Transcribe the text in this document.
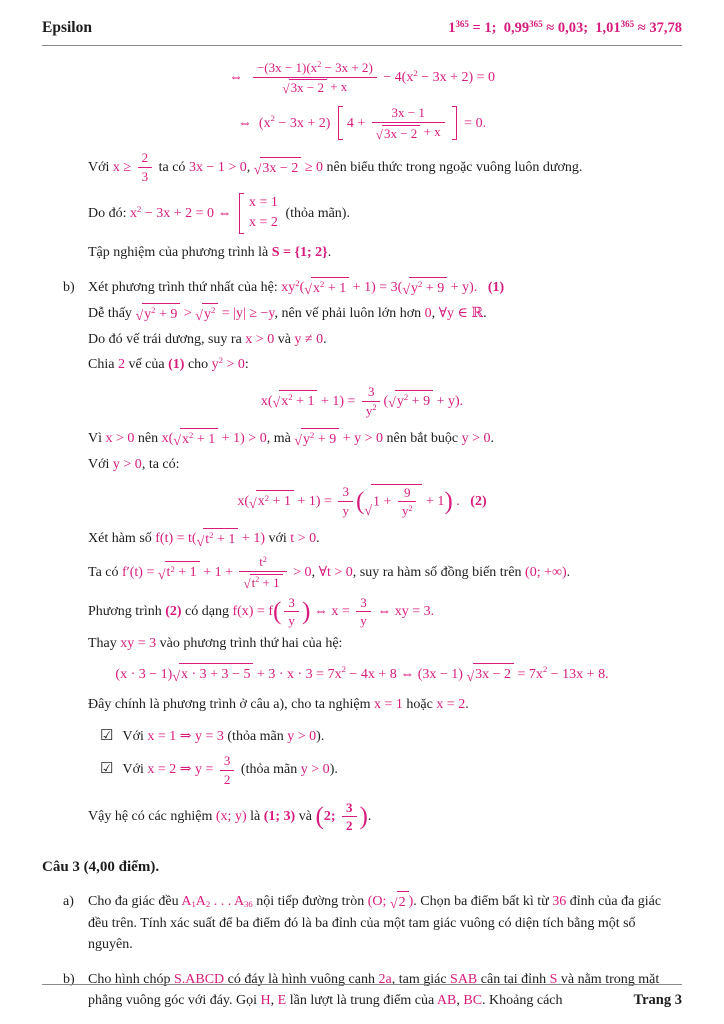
Epsilon	$1^{365} = 1$;  $0,99^{365} \approx 0,03$;  $1,01^{365} \approx 37,78$
⇔
$\frac{-(3x - 1)(x^2 - 3x + 2)}{√ 3x - 2 + x} - 4(x$ 2 − 3x + 2) = 0
⇔
(x 2 − 3x + 2) $4 + \frac{3x - 1}{√ 3x - 2 + x} = 0$.
Với $x \ge \frac{2}{3}$ ta có 3x − 1 > 0, √ 3x − 2 ≥ 0 nên biểu thức trong ngoặc vuông luôn dương.
Do đó: $x^2 - 3x + 2 = 0$ ⇔
x = 1
x = 2
(thỏa mãn).
Tập nghiệm của phương trình là S = {1; 2}.
b) Xét phương trình thứ nhất của hệ: $xy^2$( √ $x^2 + 1 + 1) = 3$( √ $y^2 + 9 + y$). (1)
Dễ thấy √ $y^2 + 9$ > √ $y^2 = |y| \ge -y$, nên vế phải luôn lớn hơn 0, ∀y ∈ ℝ.
Do đó vế trái dương, suy ra x > 0 và y ≠ 0.
Chia 2 vế của (1) cho $y^2 > 0$:
x( √ $x^2 + 1 + 1) = \frac{3}{y^2}$ ( √ $y^2 + 9 + y$).
Vì x > 0 nên x( √ $x^2 + 1 + 1) > 0$, mà √ $y^2 + 9 + y > 0$ nên bắt buộc y > 0.
Với y > 0, ta có:
x( √ $x^2 + 1 + 1) = \frac{3}{y}$ ( √
$1 + \frac{9}{y^2} + 1$ ) .
(2)
Xét hàm số f(t) = t( √ $t^2 + 1 + 1$) với t > 0.
Ta có f′(t) = √ $t^2 + 1 + 1 + \frac{t^2}{√ t^2 + 1} > 0$, ∀t > 0, suy ra hàm số đồng biến trên (0; +∞).
Phương trình (2) có dạng $f(x) = f( \frac{3}{y}$ ) ⇔ $x = \frac{3}{y}$ ⇔ xy = 3.
Thay xy = 3 vào phương trình thứ hai của hệ:
(x · 3 − 1) √ x · 3 + 3 − 5 + 3 · x · 3 = 7x 2 − 4x + 8 ⇔ (3x − 1) √ 3x − 2 = 7x 2 − 13x + 8.
Đây chính là phương trình ở câu a), cho ta nghiệm x = 1 hoặc x = 2.
☑ Với x = 1 ⇒ y = 3 (thỏa mãn y > 0).
☑ Với x = 2 ⇒ $y = \frac{3}{2}$ (thỏa mãn y > 0).
Vậy hệ có các nghiệm (x; y) là (1; 3) và (2; $\frac{3}{2}$ ).
Câu 3 (4,00 điểm).
a) Cho đa giác đều A1A2 . . . A36 nội tiếp đường tròn (O; √ 2 ). Chọn ba điểm bất kì từ 36 đỉnh của đa giác đều trên. Tính xác suất để ba điểm đó là ba đỉnh của một tam giác vuông có diện tích bằng một số nguyên.
b) Cho hình chóp S.ABCD có đáy là hình vuông cạnh 2a, tam giác SAB cân tại đỉnh S và nằm trong mặt phẳng vuông góc với đáy. Gọi H, E lần lượt là trung điểm của AB, BC. Khoảng cách	Trang 3
